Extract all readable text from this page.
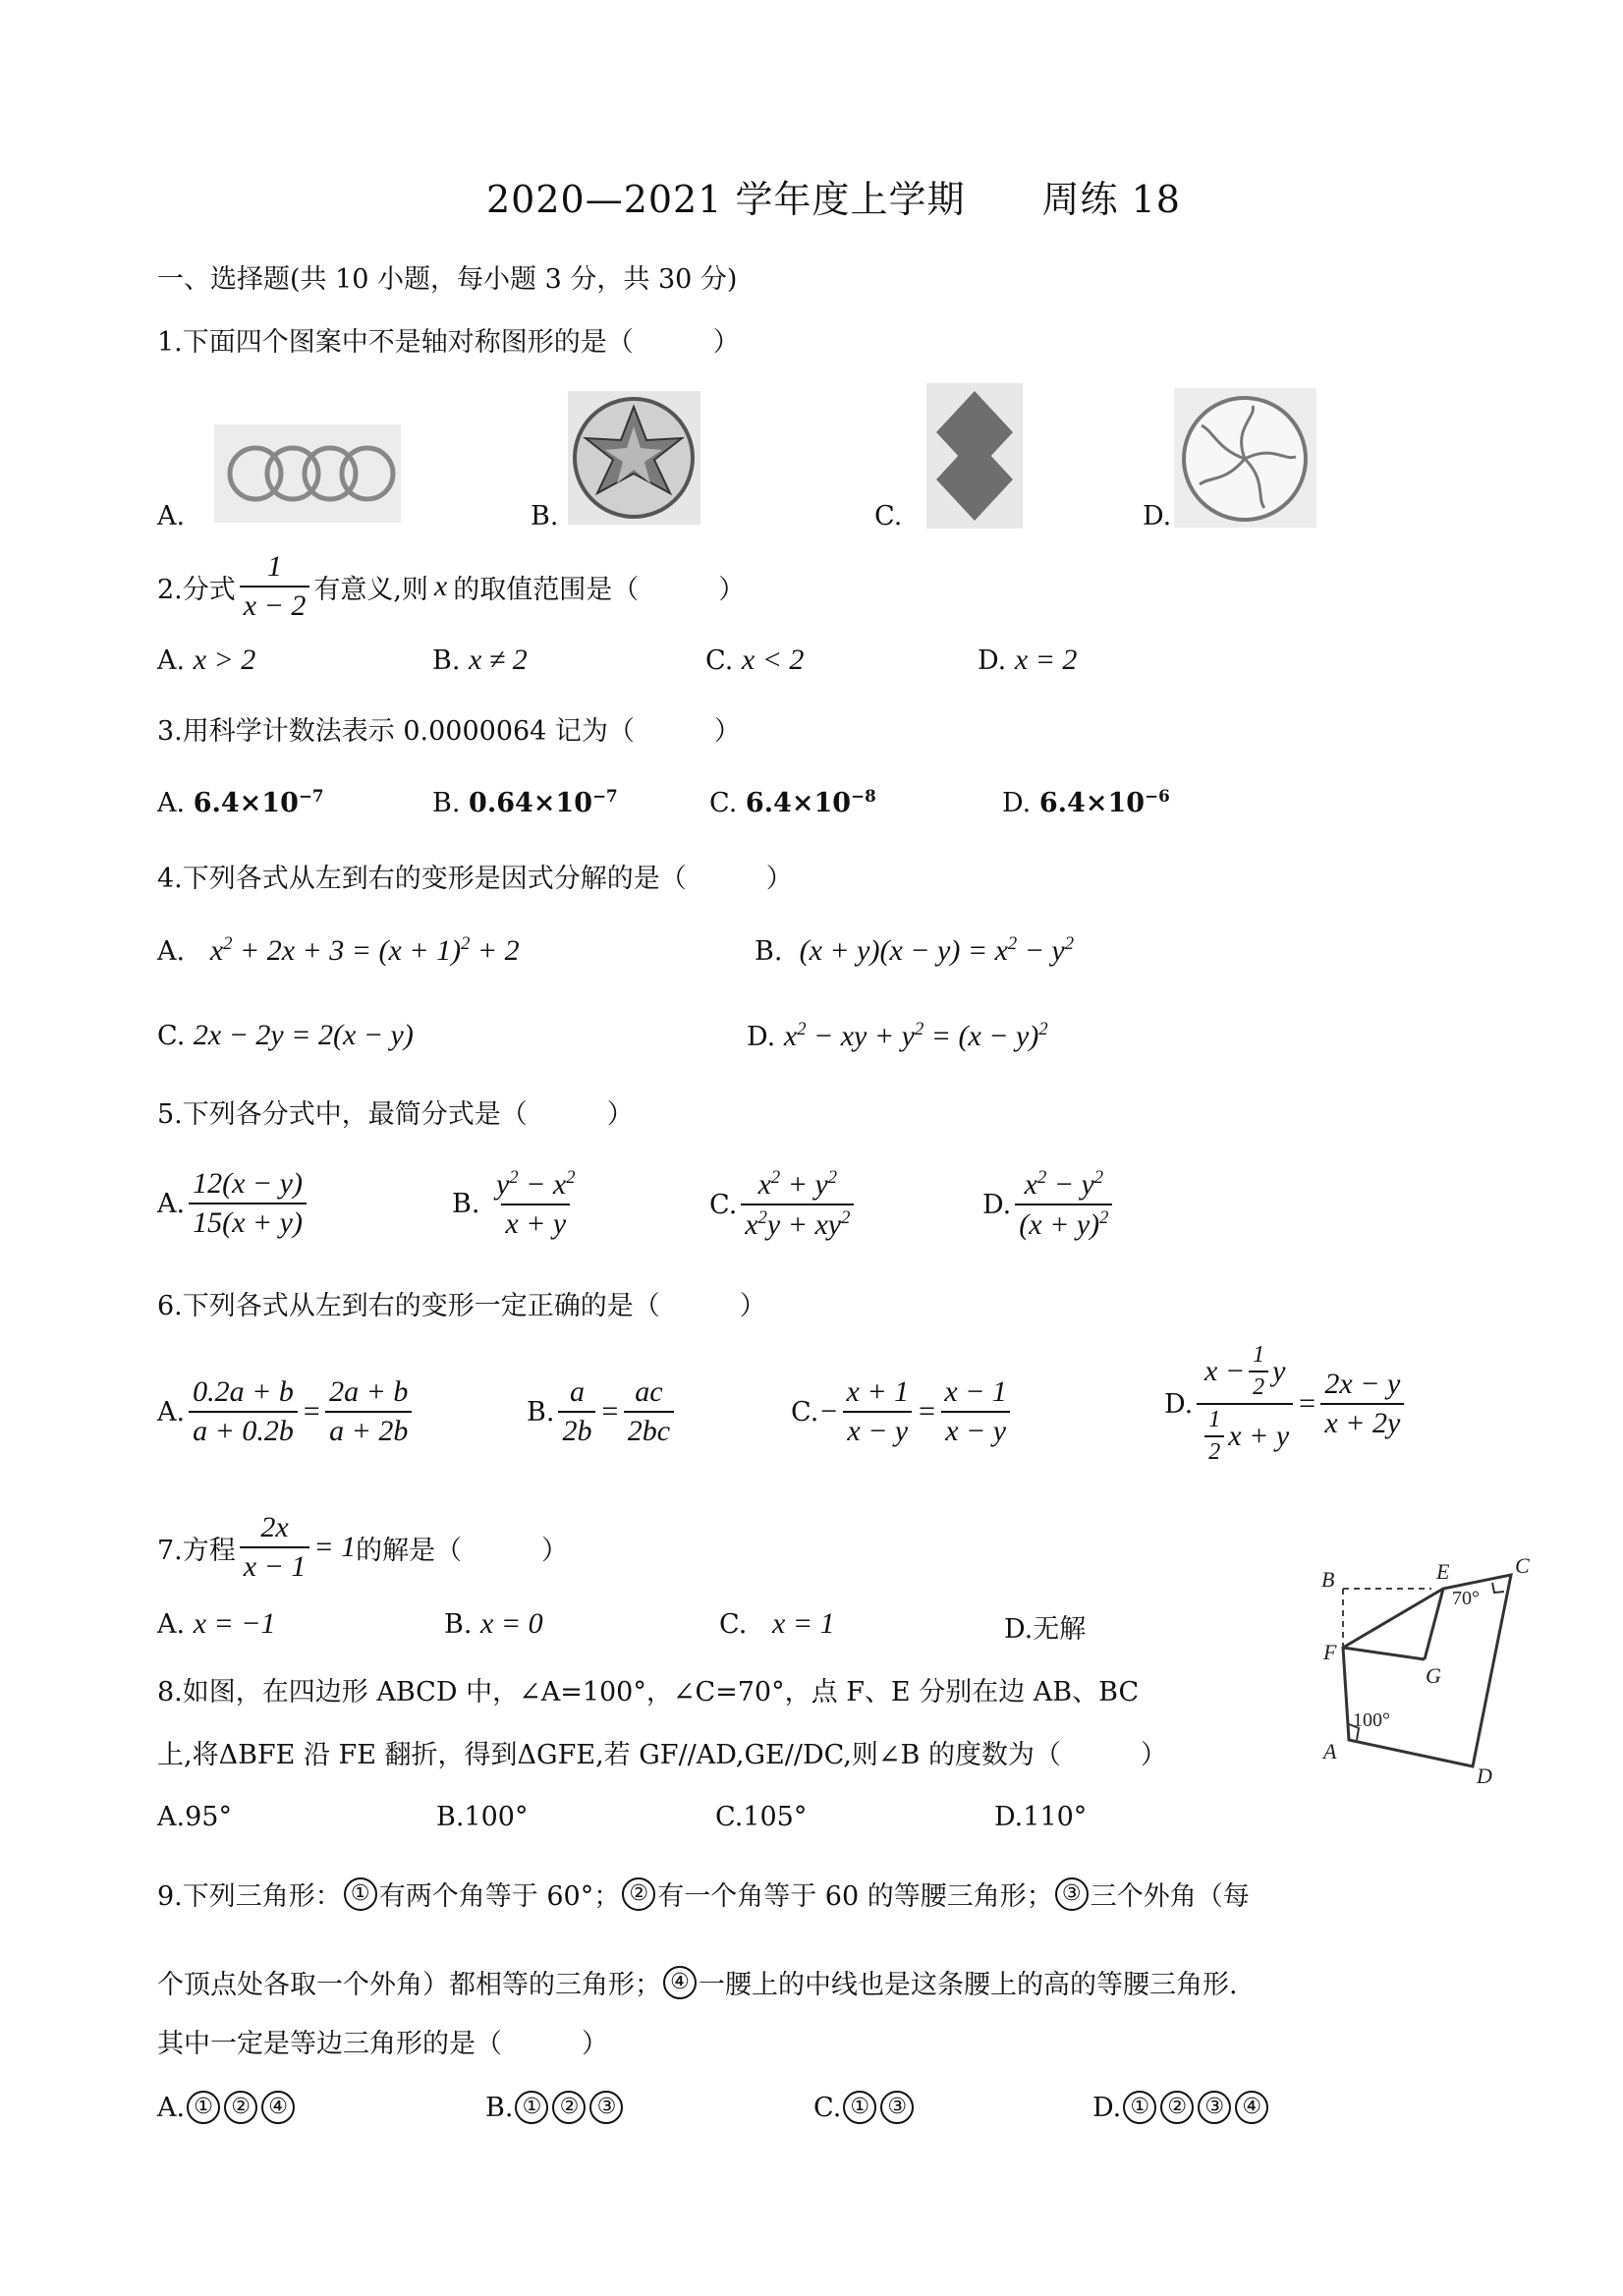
2020—2021 学年度上学期　　周练 18
一、选择题(共 10 小题，每小题 3 分，共 30 分)
1.下面四个图案中不是轴对称图形的是（　　　）
A.	B.	C.	D.
2.分式 $\frac{1}{x - 2}$ 有意义,则 x 的取值范围是（　　　）
A. x > 2	B. x ≠ 2	C. x < 2	D. x = 2
3.用科学计数法表示 0.0000064 记为（　　　）
A. $6.4\times 10^{-7}$	B. $0.64\times 10^{-7}$	C. $6.4\times 10^{-8}$	D. $6.4\times 10^{-6}$
4.下列各式从左到右的变形是因式分解的是（　　　）
A. $x^2 + 2x + 3 = (x + 1)^2 + 2$	B. $(x + y)(x - y) = x^2 - y^2$
C. 2x − 2y = 2(x − y)	D. $x^2$ − xy + $y^2 = (x - y)^2$
5.下列各分式中，最简分式是（　　　）
A. $\frac{12(x - y)}{15(x + y)}$	B.
$\frac{y^2 - x^2}{x + y}$	C. $\frac{x^2 + y^2}{x^2y + xy^2}$	D. $\frac{x^2 - y^2}{(x + y)^2}$
6.下列各式从左到右的变形一定正确的是（　　　）
A. $\frac{0.2a + b}{a + 0.2b} = \frac{2a + b}{a + 2b}$	B. $\frac{a}{2b} = \frac{ac}{2bc}$	C. − $\frac{x + 1}{x - y} = \frac{x - 1}{x - y}$	D. $\frac{x - \frac{1}{2} y}{\frac{1}{2} x + y} = \frac{2x - y}{x + 2y}$
7.方程 $\frac{2x}{x - 1} = 1$ 的解是（　　　）
A. x = −1	B. x = 0	C. x = 1	D.无解
B	E	C
F
G
A
D
70°
100°
8.如图，在四边形 ABCD 中，∠A=100°，∠C=70°，点 F、E 分别在边 AB、BC
上,将ΔBFE 沿 FE 翻折，得到ΔGFE,若 GF//AD,GE//DC,则∠B 的度数为（　　　）
A.95°	B.100°	C.105°	D.110°
9.下列三角形： ① 有两个角等于 60°； ② 有一个角等于 60 的等腰三角形； ③ 三个外角（每
个顶点处各取一个外角）都相等的三角形； ④ 一腰上的中线也是这条腰上的高的等腰三角形.
其中一定是等边三角形的是（　　　）
A. ① ② ④	B. ① ② ③	C. ① ③	D. ① ② ③ ④
